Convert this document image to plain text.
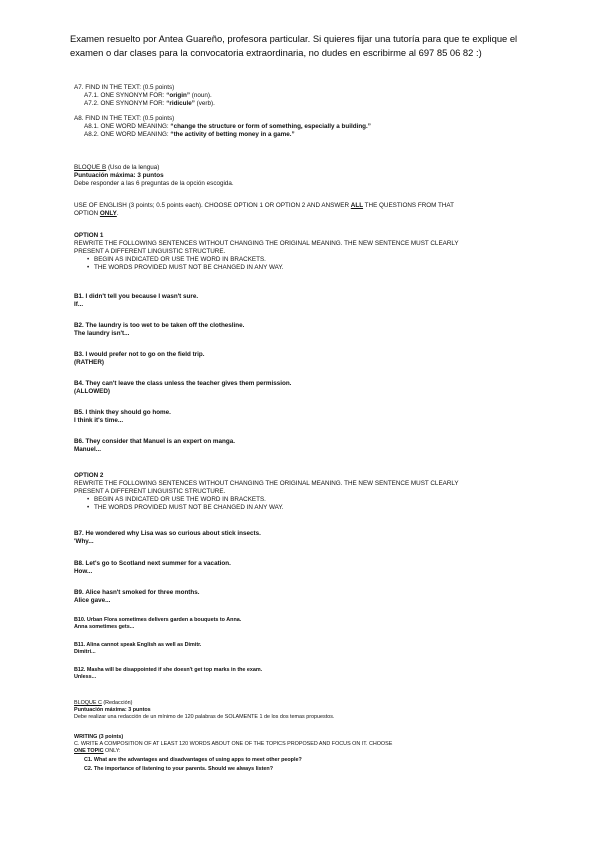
Examen resuelto por Antea Guareño, profesora particular. Si quieres fijar una tutoría para que te explique el
examen o dar clases para la convocatoria extraordinaria, no dudes en escribirme al 697 85 06 82 :)
A7. FIND IN THE TEXT: (0.5 points)
A7.1. ONE SYNONYM FOR: “origin” (noun).
A7.2. ONE SYNONYM FOR: “ridicule” (verb).
A8. FIND IN THE TEXT: (0.5 points)
A8.1. ONE WORD MEANING: “change the structure or form of something, especially a building.”
A8.2. ONE WORD MEANING: “the activity of betting money in a game.”
BLOQUE B (Uso de la lengua)
Puntuación máxima: 3 puntos
Debe responder a las 6 preguntas de la opción escogida.
USE OF ENGLISH (3 points; 0.5 points each). CHOOSE OPTION 1 OR OPTION 2 AND ANSWER ALL THE QUESTIONS FROM THAT
OPTION ONLY.
OPTION 1
REWRITE THE FOLLOWING SENTENCES WITHOUT CHANGING THE ORIGINAL MEANING. THE NEW SENTENCE MUST CLEARLY
PRESENT A DIFFERENT LINGUISTIC STRUCTURE.
• BEGIN AS INDICATED OR USE THE WORD IN BRACKETS.
• THE WORDS PROVIDED MUST NOT BE CHANGED IN ANY WAY.
B1. I didn't tell you because I wasn't sure.
If...
B2. The laundry is too wet to be taken off the clothesline.
The laundry isn't...
B3. I would prefer not to go on the field trip.
(RATHER)
B4. They can't leave the class unless the teacher gives them permission.
(ALLOWED)
B5. I think they should go home.
I think it's time...
B6. They consider that Manuel is an expert on manga.
Manuel...
OPTION 2
REWRITE THE FOLLOWING SENTENCES WITHOUT CHANGING THE ORIGINAL MEANING. THE NEW SENTENCE MUST CLEARLY
PRESENT A DIFFERENT LINGUISTIC STRUCTURE.
• BEGIN AS INDICATED OR USE THE WORD IN BRACKETS.
• THE WORDS PROVIDED MUST NOT BE CHANGED IN ANY WAY.
B7. He wondered why Lisa was so curious about stick insects.
'Why...
B8. Let's go to Scotland next summer for a vacation.
How...
B9. Alice hasn't smoked for three months.
Alice gave...
B10. Urban Flora sometimes delivers garden a bouquets to Anna.
Anna sometimes gets...
B11. Alina cannot speak English as well as Dimitr.
Dimitri...
B12. Masha will be disappointed if she doesn't get top marks in the exam.
Unless...
BLOQUE C (Redacción)
Puntuación máxima: 3 puntos
Debe realizar una redacción de un mínimo de 120 palabras de SOLAMENTE 1 de los dos temas propuestos.
WRITING (3 points)
C. WRITE A COMPOSITION OF AT LEAST 120 WORDS ABOUT ONE OF THE TOPICS PROPOSED AND FOCUS ON IT. CHOOSE
ONE TOPIC ONLY:
C1. What are the advantages and disadvantages of using apps to meet other people?
C2. The importance of listening to your parents. Should we always listen?
